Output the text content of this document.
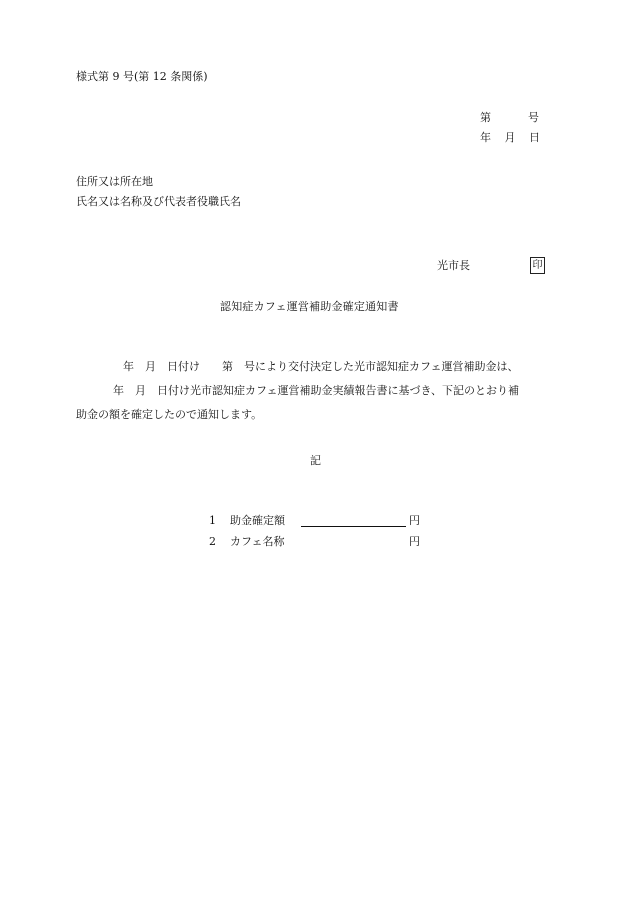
様式第 9 号(第 12 条関係)
第	号
年 月 日
住所又は所在地
氏名又は名称及び代表者役職氏名
光市長	印
認知症カフェ運営補助金確定通知書
年　月　日付け　　第　号により交付決定した光市認知症カフェ運営補助金は、
年　月　日付け光市認知症カフェ運営補助金実績報告書に基づき、下記のとおり補
助金の額を確定したので通知します。
記
1 助金確定額	円
2 カフェ名称	円
